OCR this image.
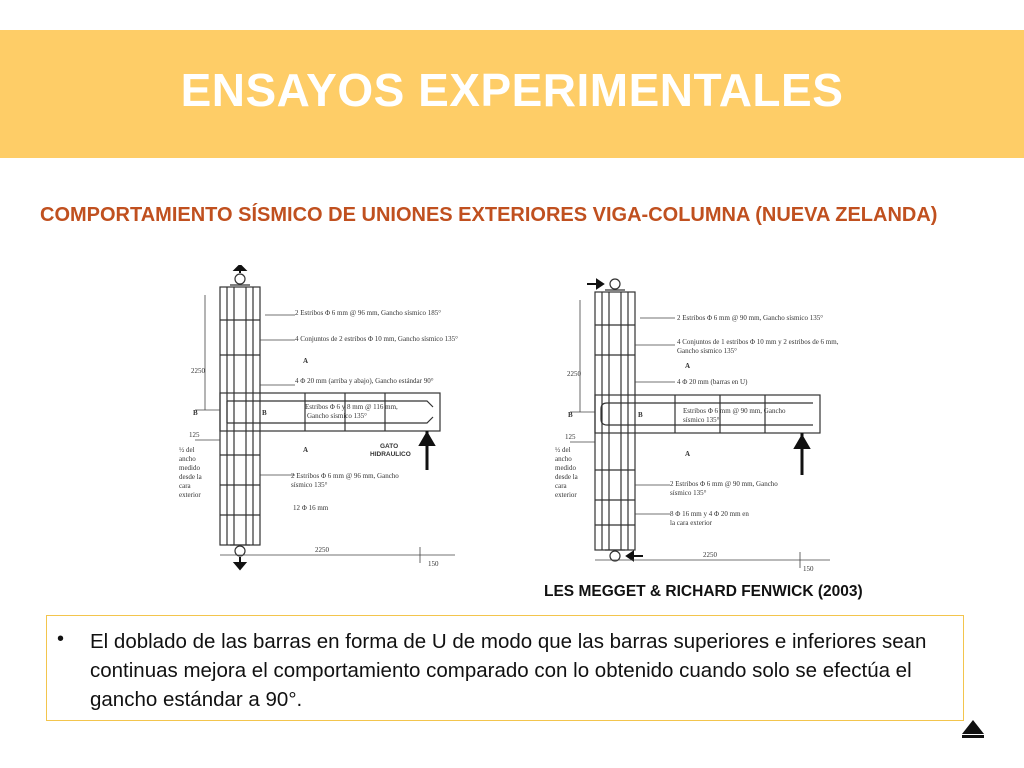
ENSAYOS EXPERIMENTALES
COMPORTAMIENTO SÍSMICO DE UNIONES EXTERIORES VIGA-COLUMNA (NUEVA ZELANDA)
2 Estribos Φ 6 mm @ 96 mm, Gancho sísmico 185°
4 Conjuntos de 2 estribos Φ 10 mm, Gancho sísmico 135°
4 Φ 20 mm (arriba y abajo), Gancho estándar 90°
Estribos Φ 6 y 8 mm @ 116 mm,
Gancho sísmico 135°
2 Estribos Φ 6 mm @ 96 mm, Gancho
sísmico 135°
12 Φ 16 mm
GATO
HIDRAULICO
A
A
B	B
2250
125
2250
150
½ del
ancho
medido
desde la
cara
exterior
2 Estribos Φ 6 mm @ 90 mm, Gancho sísmico 135°
4 Conjuntos de 1 estribos Φ 10 mm y 2 estribos de 6 mm,
Gancho sísmico 135°
4 Φ 20 mm (barras en U)
Estribos Φ 6 mm @ 90 mm, Gancho
sísmico 135°
2 Estribos Φ 6 mm @ 90 mm, Gancho
sísmico 135°
8 Φ 16 mm y 4 Φ 20 mm en
la cara exterior
A
A
B	B
2250
125
2250
150
½ del
ancho
medido
desde la
cara
exterior
LES MEGGET & RICHARD FENWICK (2003)
• El doblado de las barras en forma de U de modo que las barras superiores e inferiores sean continuas mejora el comportamiento comparado con lo obtenido cuando solo se efectúa el gancho estándar a 90°.
